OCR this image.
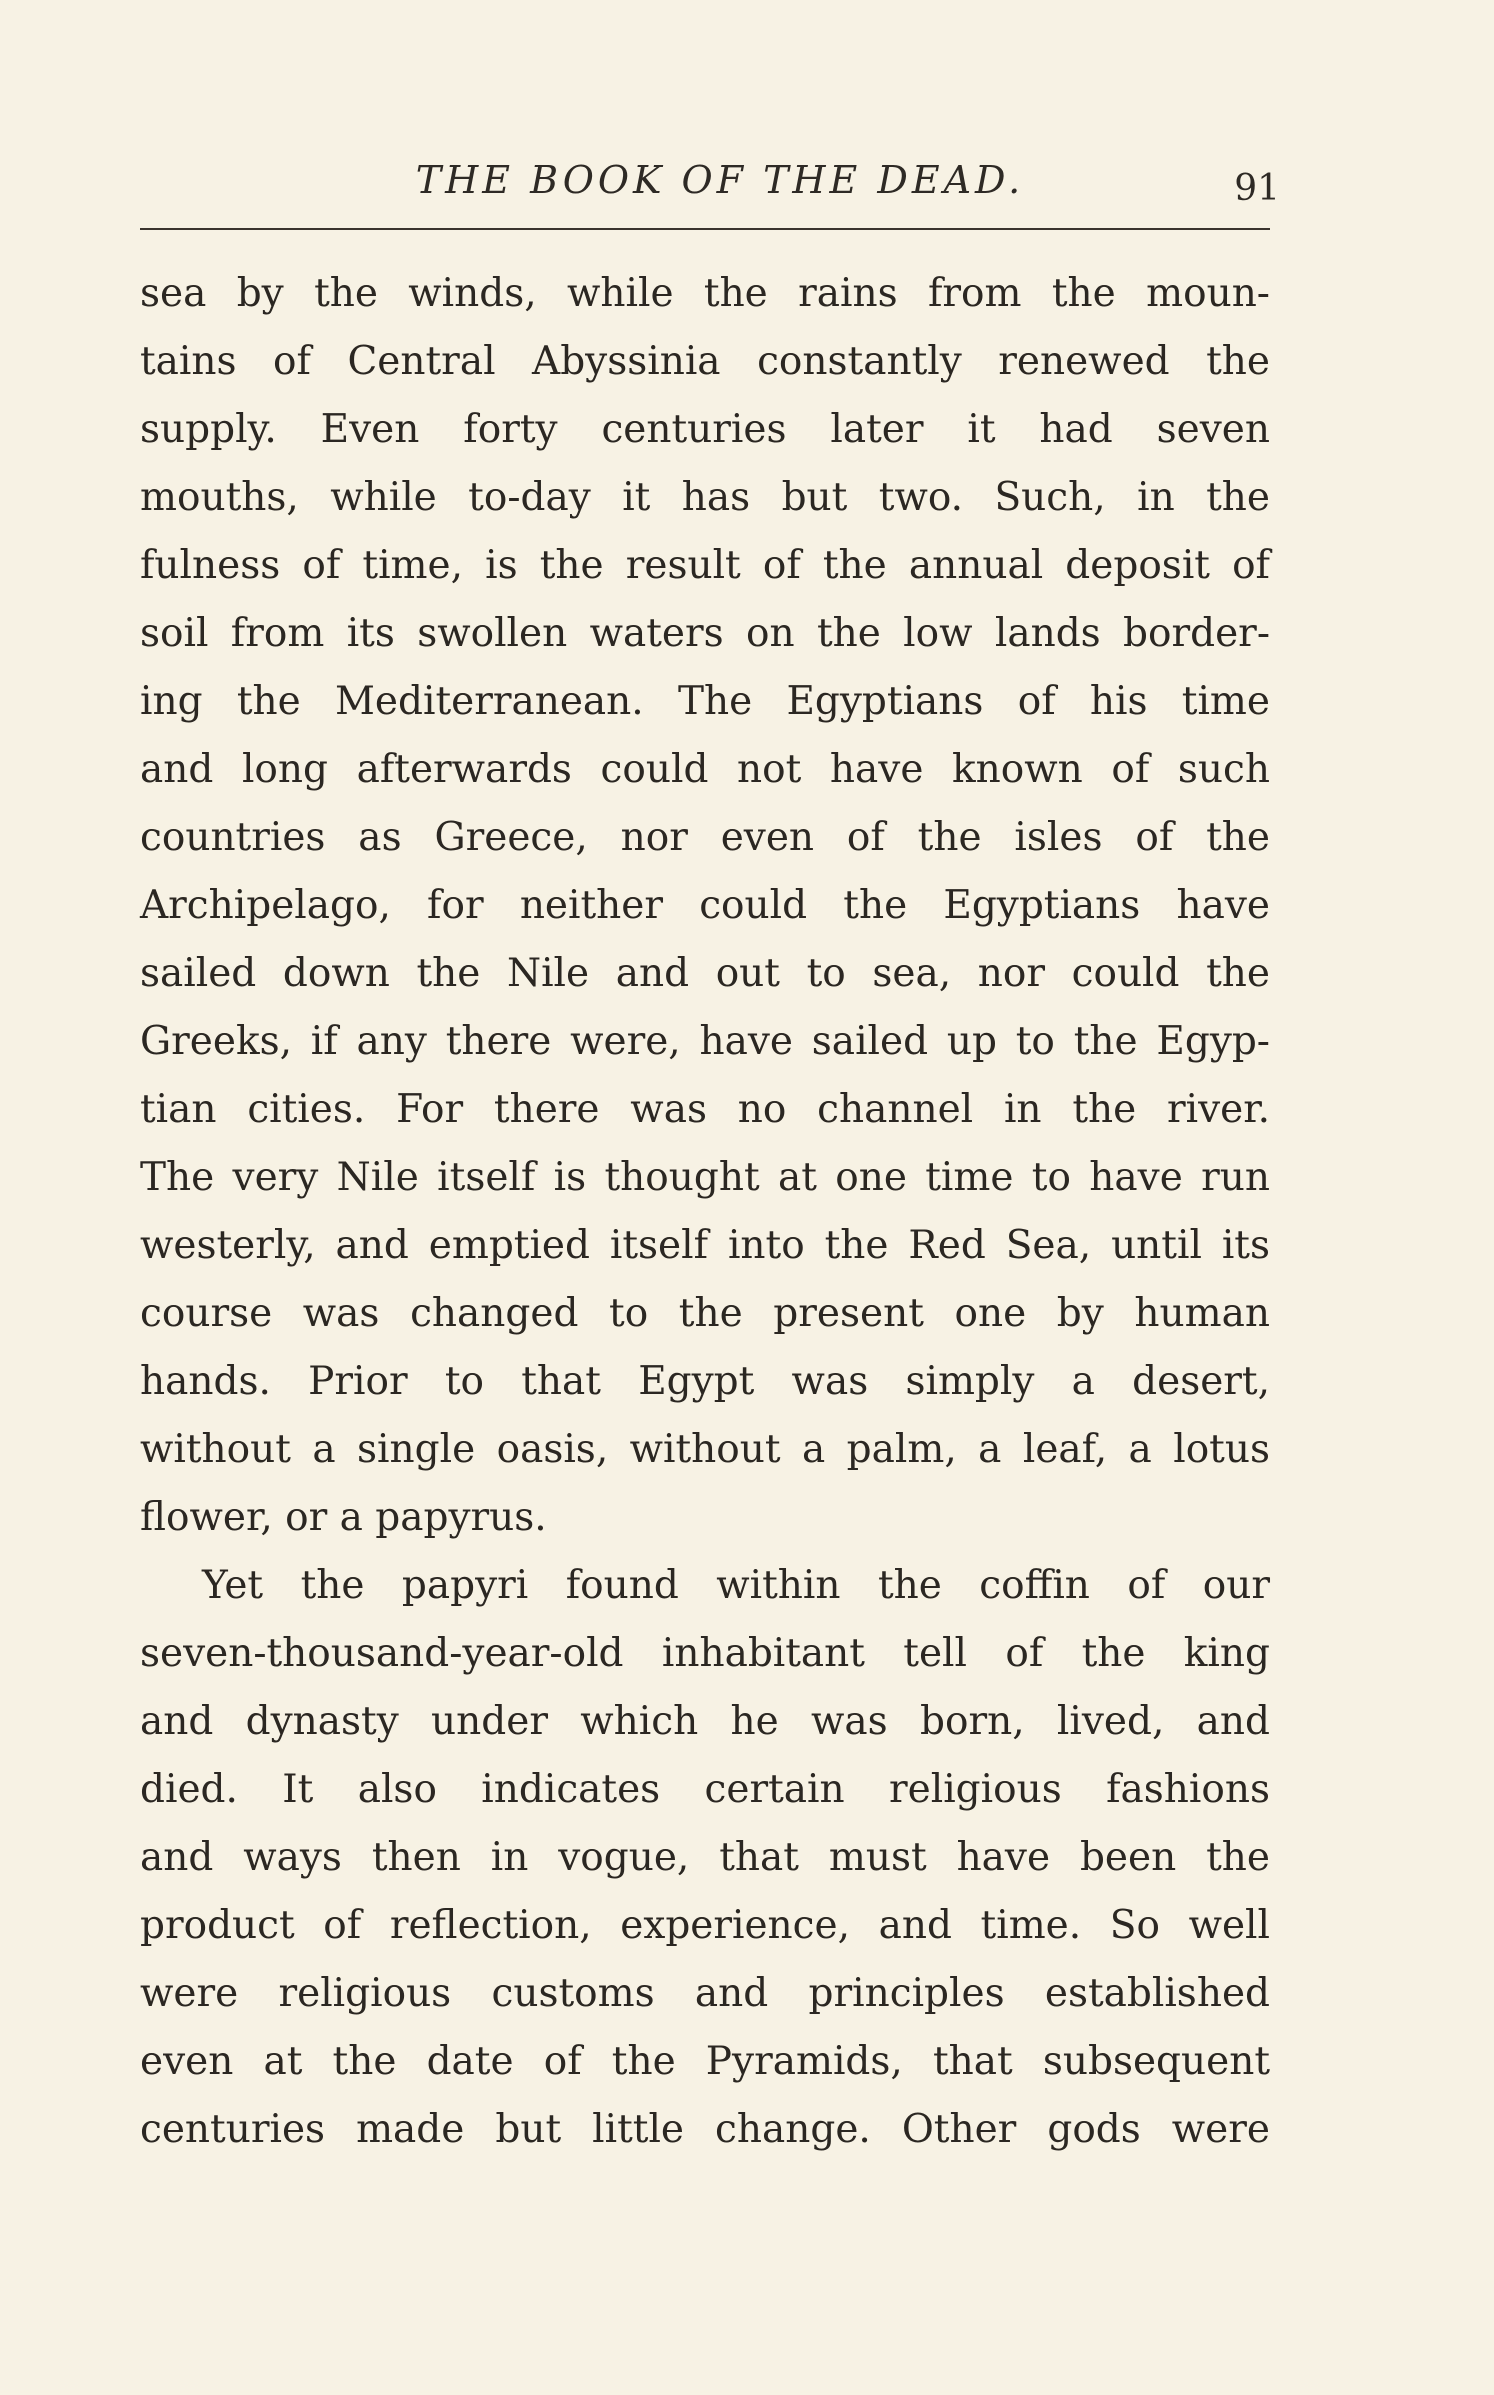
THE BOOK OF THE DEAD.	91
sea by the winds, while the rains from the moun-
tains of Central Abyssinia constantly renewed the
supply. Even forty centuries later it had seven
mouths, while to-day it has but two. Such, in the
fulness of time, is the result of the annual deposit of
soil from its swollen waters on the low lands border-
ing the Mediterranean. The Egyptians of his time
and long afterwards could not have known of such
countries as Greece, nor even of the isles of the
Archipelago, for neither could the Egyptians have
sailed down the Nile and out to sea, nor could the
Greeks, if any there were, have sailed up to the Egyp-
tian cities. For there was no channel in the river.
The very Nile itself is thought at one time to have run
westerly, and emptied itself into the Red Sea, until its
course was changed to the present one by human
hands. Prior to that Egypt was simply a desert,
without a single oasis, without a palm, a leaf, a lotus
flower, or a papyrus.
Yet the papyri found within the coffin of our
seven-thousand-year-old inhabitant tell of the king
and dynasty under which he was born, lived, and
died. It also indicates certain religious fashions
and ways then in vogue, that must have been the
product of reflection, experience, and time. So well
were religious customs and principles established
even at the date of the Pyramids, that subsequent
centuries made but little change. Other gods were
